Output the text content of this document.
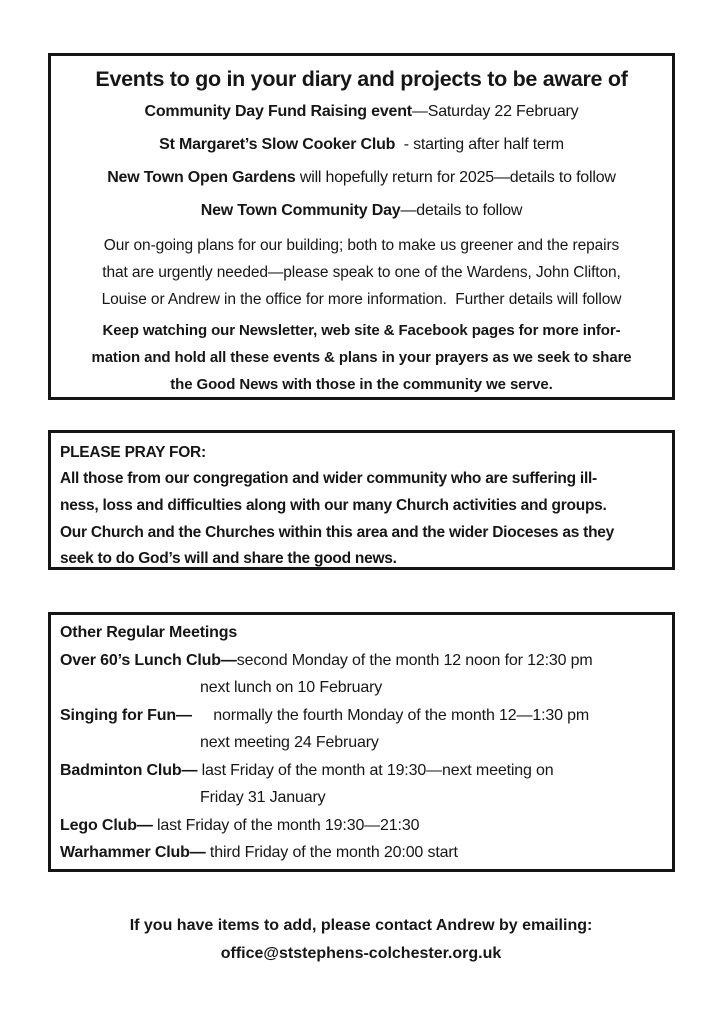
Events to go in your diary and projects to be aware of
Community Day Fund Raising event—Saturday 22 February
St Margaret’s Slow Cooker Club  - starting after half term
New Town Open Gardens will hopefully return for 2025—details to follow
New Town Community Day—details to follow

Our on-going plans for our building; both to make us greener and the repairs
that are urgently needed—please speak to one of the Wardens, John Clifton,
Louise or Andrew in the office for more information.  Further details will follow

Keep watching our Newsletter, web site & Facebook pages for more infor-
mation and hold all these events & plans in your prayers as we seek to share
the Good News with those in the community we serve.

PLEASE PRAY FOR:
All those from our congregation and wider community who are suffering ill-
ness, loss and difficulties along with our many Church activities and groups.
Our Church and the Churches within this area and the wider Dioceses as they
seek to do God’s will and share the good news.
Other Regular Meetings
Over 60’s Lunch Club—second Monday of the month 12 noon for 12:30 pm
next lunch on 10 February
Singing for Fun—     normally the fourth Monday of the month 12—1:30 pm
next meeting 24 February
Badminton Club— last Friday of the month at 19:30—next meeting on
Friday 31 January
Lego Club— last Friday of the month 19:30—21:30
Warhammer Club— third Friday of the month 20:00 start
If you have items to add, please contact Andrew by emailing:
office@ststephens-colchester.org.uk
